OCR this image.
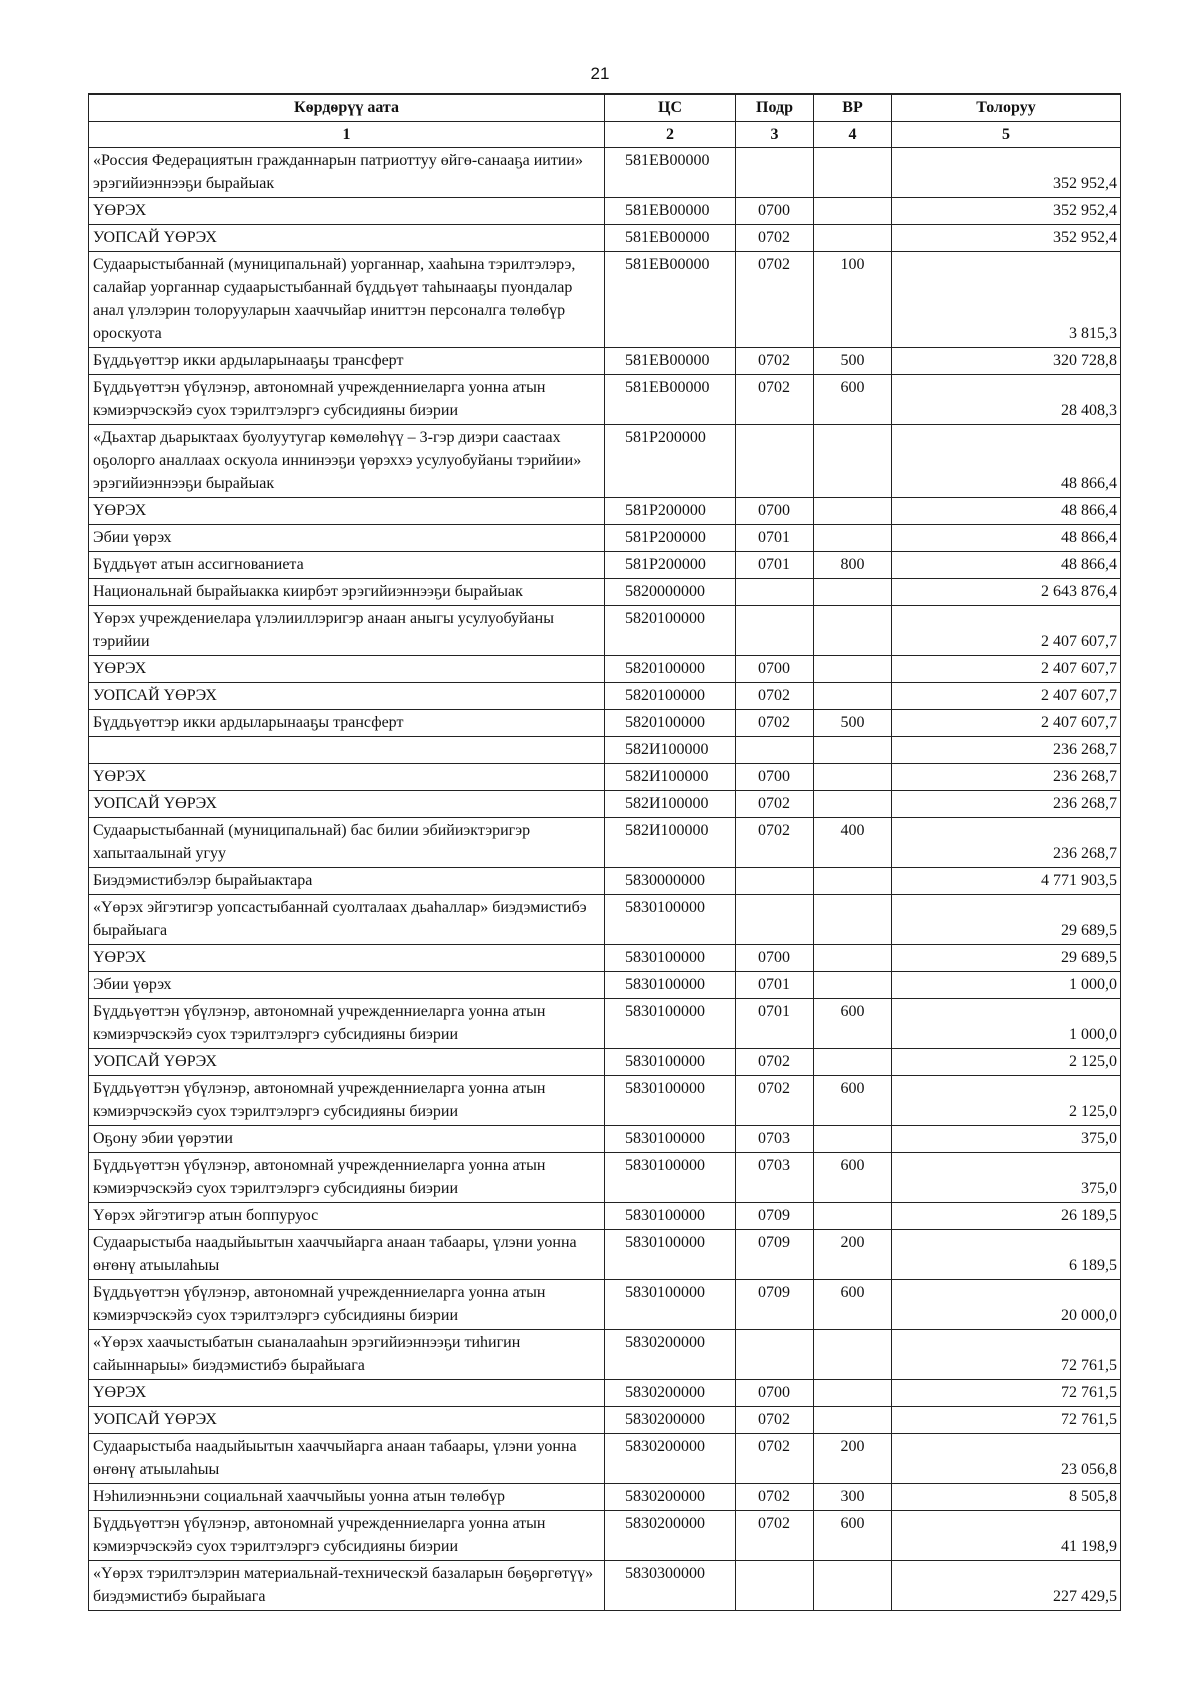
21
Кѳрдѳрүү аата	ЦС	Подр	ВР	Толоруу
1	2	3	4	5
«Россия Федерациятын гражданнарын патриоттуу өйгө-санааҕа иитии» эрэгийиэннээҕи бырайыак	581ЕВ00000			352 952,4
ҮӨРЭХ	581ЕВ00000	0700		352 952,4
УОПСАЙ ҮӨРЭХ	581ЕВ00000	0702		352 952,4
Судаарыстыбаннай (муниципальнай) уорганнар, хааһына тэрилтэлэрэ, салайар уорганнар судаарыстыбаннай бүддьүөт таһынааҕы пуондалар анал үлэлэрин толорууларын хааччыйар иниттэн персоналга төлөбүр ороскуота	581ЕВ00000	0702	100	3 815,3
Бүддьүөттэр икки ардыларынааҕы трансферт	581ЕВ00000	0702	500	320 728,8
Бүддьүөттэн үбүлэнэр, автономнай учрежденниеларга уонна атын кэмиэрчэскэйэ суох тэрилтэлэргэ субсидияны биэрии	581ЕВ00000	0702	600	28 408,3
«Дьахтар дьарыктаах буолуутугар көмөлөһүү – 3-гэр диэри саастаах оҕолорго аналлаах оскуола иннинээҕи үөрэххэ усулуобуйаны тэрийии» эрэгийиэннээҕи бырайыак	581Р200000			48 866,4
ҮӨРЭХ	581Р200000	0700		48 866,4
Эбии үөрэх	581Р200000	0701		48 866,4
Бүддьүөт атын ассигнованиета	581Р200000	0701	800	48 866,4
Национальнай бырайыакка киирбэт эрэгийиэннээҕи бырайыак	5820000000			2 643 876,4
Үөрэх учреждениелара үлэлииллэригэр анаан аныгы усулуобуйаны тэрийии	5820100000			2 407 607,7
ҮӨРЭХ	5820100000	0700		2 407 607,7
УОПСАЙ ҮӨРЭХ	5820100000	0702		2 407 607,7
Бүддьүөттэр икки ардыларынааҕы трансферт	5820100000	0702	500	2 407 607,7
	582И100000			236 268,7
ҮӨРЭХ	582И100000	0700		236 268,7
УОПСАЙ ҮӨРЭХ	582И100000	0702		236 268,7
Судаарыстыбаннай (муниципальнай) бас билии эбийиэктэригэр хапытаалынай угуу	582И100000	0702	400	236 268,7
Биэдэмистибэлэр бырайыактара	5830000000			4 771 903,5
«Үөрэх эйгэтигэр уопсастыбаннай суолталаах дьаһаллар» биэдэмистибэ бырайыага	5830100000			29 689,5
ҮӨРЭХ	5830100000	0700		29 689,5
Эбии үөрэх	5830100000	0701		1 000,0
Бүддьүөттэн үбүлэнэр, автономнай учрежденниеларга уонна атын кэмиэрчэскэйэ суох тэрилтэлэргэ субсидияны биэрии	5830100000	0701	600	1 000,0
УОПСАЙ ҮӨРЭХ	5830100000	0702		2 125,0
Бүддьүөттэн үбүлэнэр, автономнай учрежденниеларга уонна атын кэмиэрчэскэйэ суох тэрилтэлэргэ субсидияны биэрии	5830100000	0702	600	2 125,0
Оҕону эбии үөрэтии	5830100000	0703		375,0
Бүддьүөттэн үбүлэнэр, автономнай учрежденниеларга уонна атын кэмиэрчэскэйэ суох тэрилтэлэргэ субсидияны биэрии	5830100000	0703	600	375,0
Үөрэх эйгэтигэр атын боппуруос	5830100000	0709		26 189,5
Судаарыстыба наадыйыытын хааччыйарга анаан табаары, үлэни уонна өҥөнү атыылаһыы	5830100000	0709	200	6 189,5
Бүддьүөттэн үбүлэнэр, автономнай учрежденниеларга уонна атын кэмиэрчэскэйэ суох тэрилтэлэргэ субсидияны биэрии	5830100000	0709	600	20 000,0
«Үөрэх хаачыстыбатын сыаналааһын эрэгийиэннээҕи тиһигин сайыннарыы» биэдэмистибэ бырайыага	5830200000			72 761,5
ҮӨРЭХ	5830200000	0700		72 761,5
УОПСАЙ ҮӨРЭХ	5830200000	0702		72 761,5
Судаарыстыба наадыйыытын хааччыйарга анаан табаары, үлэни уонна өҥөнү атыылаһыы	5830200000	0702	200	23 056,8
Нэһилиэнньэни социальнай хааччыйыы уонна атын төлөбүр	5830200000	0702	300	8 505,8
Бүддьүөттэн үбүлэнэр, автономнай учрежденниеларга уонна атын кэмиэрчэскэйэ суох тэрилтэлэргэ субсидияны биэрии	5830200000	0702	600	41 198,9
«Үөрэх тэрилтэлэрин материальнай-техническэй базаларын бөҕөргөтүү» биэдэмистибэ бырайыага	5830300000			227 429,5
